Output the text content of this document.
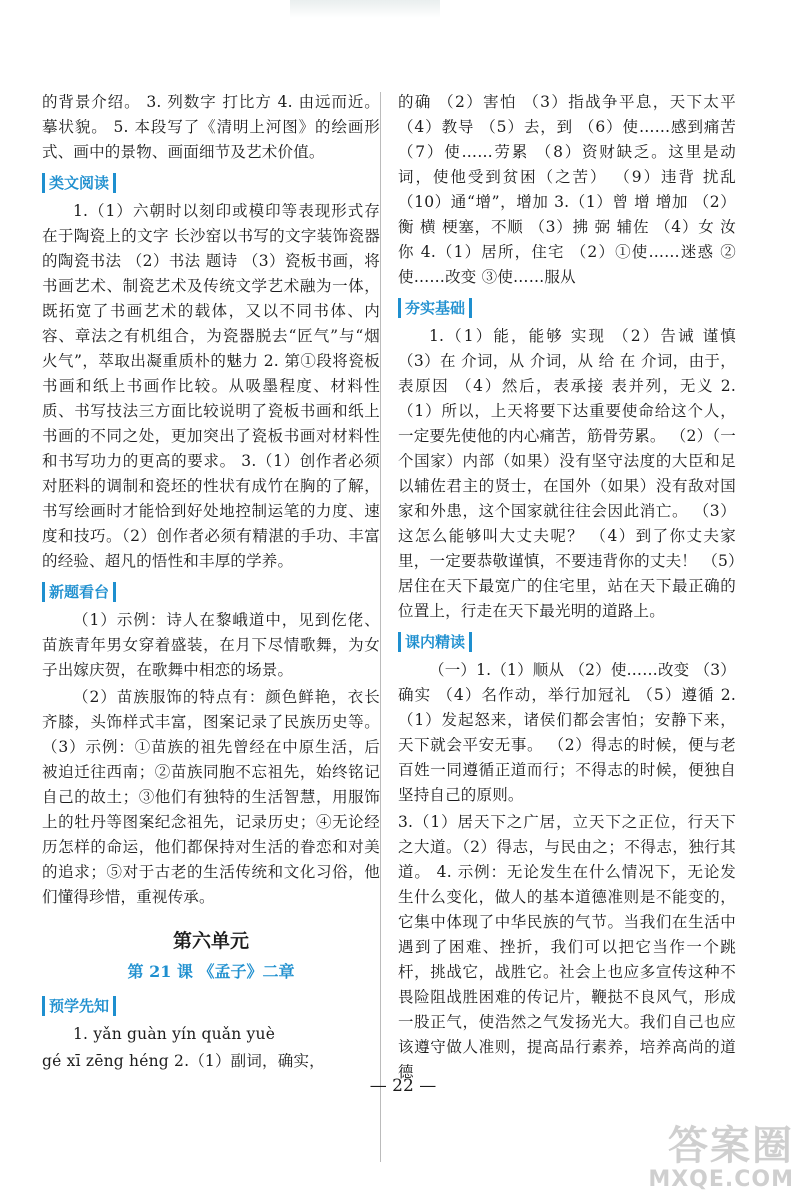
的背景介绍。 3. 列数字 打比方 4. 由远而近。 摹状貌。 5. 本段写了《清明上河图》的绘画形式、画中的景物、画面细节及艺术价值。

类文阅读

1.（1）六朝时以刻印或模印等表现形式存在于陶瓷上的文字 长沙窑以书写的文字装饰瓷器的陶瓷书法 （2）书法 题诗 （3）瓷板书画，将书画艺术、制瓷艺术及传统文学艺术融为一体，既拓宽了书画艺术的载体，又以不同书体、内容、章法之有机组合，为瓷器脱去“匠气”与“烟火气”，萃取出凝重质朴的魅力 2. 第①段将瓷板书画和纸上书画作比较。从吸墨程度、材料性质、书写技法三方面比较说明了瓷板书画和纸上书画的不同之处，更加突出了瓷板书画对材料性和书写功力的更高的要求。 3.（1）创作者必须对胚料的调制和瓷坯的性状有成竹在胸的了解，书写绘画时才能恰到好处地控制运笔的力度、速度和技巧。（2）创作者必须有精湛的手功、丰富的经验、超凡的悟性和丰厚的学养。

新题看台

（1）示例：诗人在黎峨道中，见到仡佬、苗族青年男女穿着盛装，在月下尽情歌舞，为女子出嫁庆贺，在歌舞中相恋的场景。

（2）苗族服饰的特点有：颜色鲜艳，衣长齐膝，头饰样式丰富，图案记录了民族历史等。 （3）示例：①苗族的祖先曾经在中原生活，后被迫迁往西南；②苗族同胞不忘祖先，始终铭记自己的故土；③他们有独特的生活智慧，用服饰上的牡丹等图案纪念祖先，记录历史；④无论经历怎样的命运，他们都保持对生活的眷恋和对美的追求；⑤对于古老的生活传统和文化习俗，他们懂得珍惜，重视传承。

第六单元
第 21 课 《孟子》二章
预学先知

1. yǎn guàn yín quǎn yuè

gé xī zēng héng 2.（1）副词，确实，

的确 （2）害怕 （3）指战争平息，天下太平 （4）教导 （5）去，到 （6）使……感到痛苦 （7）使……劳累 （8）资财缺乏。这里是动词，使他受到贫困（之苦） （9）违背 扰乱 （10）通“增”，增加 3.（1）曾 增 增加 （2）衡 横 梗塞，不顺 （3）拂 弼 辅佐 （4）女 汝 你 4.（1）居所，住宅 （2）①使……迷惑 ②使……改变 ③使……服从

夯实基础

1.（1）能，能够 实现 （2）告诫 谨慎 （3）在 介词，从 介词，从 给 在 介词，由于，表原因 （4）然后，表承接 表并列，无义 2.（1）所以，上天将要下达重要使命给这个人，一定要先使他的内心痛苦，筋骨劳累。 （2）（一个国家）内部（如果）没有坚守法度的大臣和足以辅佐君主的贤士，在国外（如果）没有敌对国家和外患，这个国家就往往会因此消亡。 （3）这怎么能够叫大丈夫呢？ （4）到了你丈夫家里，一定要恭敬谨慎，不要违背你的丈夫！ （5）居住在天下最宽广的住宅里，站在天下最正确的位置上，行走在天下最光明的道路上。

课内精读

（一）1.（1）顺从 （2）使……改变 （3）确实 （4）名作动，举行加冠礼 （5）遵循 2.（1）发起怒来，诸侯们都会害怕；安静下来，天下就会平安无事。 （2）得志的时候，便与老百姓一同遵循正道而行；不得志的时候，便独自坚持自己的原则。

3.（1）居天下之广居，立天下之正位，行天下之大道。（2）得志，与民由之；不得志，独行其道。 4. 示例：无论发生在什么情况下，无论发生什么变化，做人的基本道德准则是不能变的，它集中体现了中华民族的气节。当我们在生活中遇到了困难、挫折，我们可以把它当作一个跳杆，挑战它，战胜它。社会上也应多宣传这种不畏险阻战胜困难的传记片，鞭挞不良风气，形成一股正气，使浩然之气发扬光大。我们自己也应该遵守做人准则，提高品行素养，培养高尚的道德

— 22 —
答案圈
MXQE.COM
